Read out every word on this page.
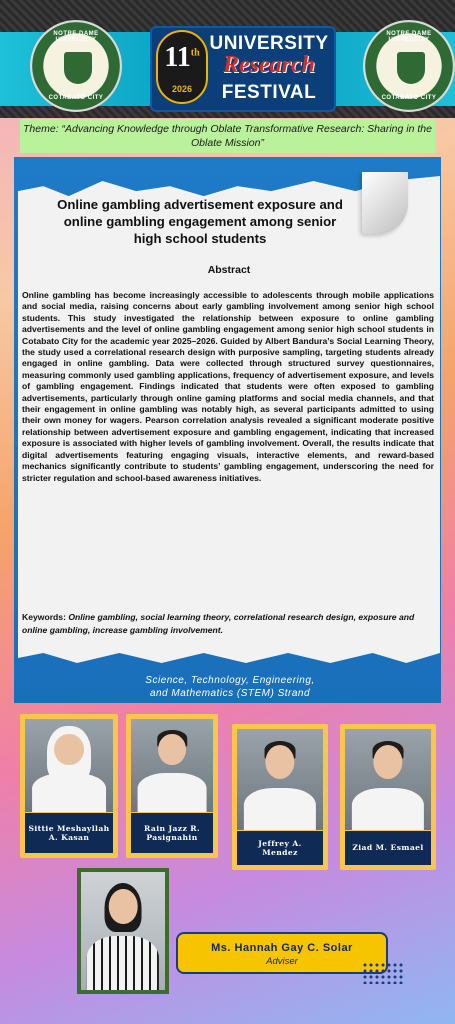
NOTRE DAME UNIVERSITY
COTABATO CITY
NOTRE DAME UNIVERSITY
COTABATO CITY
11th
2026
UNIVERSITY
Research
FESTIVAL
Theme: “Advancing Knowledge through Oblate Transformative Research: Sharing in the Oblate Mission”
Online gambling advertisement exposure and online gambling engagement among senior high school students
Abstract
Online gambling has become increasingly accessible to adolescents through mobile applications and social media, raising concerns about early gambling involvement among senior high school students. This study investigated the relationship between exposure to online gambling advertisements and the level of online gambling engagement among senior high school students in Cotabato City for the academic year 2025–2026. Guided by Albert Bandura’s Social Learning Theory, the study used a correlational research design with purposive sampling, targeting students already engaged in online gambling. Data were collected through structured survey questionnaires, measuring commonly used gambling applications, frequency of advertisement exposure, and levels of gambling engagement. Findings indicated that students were often exposed to gambling advertisements, particularly through online gaming platforms and social media channels, and that their engagement in online gambling was notably high, as several participants admitted to using their own money for wagers. Pearson correlation analysis revealed a significant moderate positive relationship between advertisement exposure and gambling engagement, indicating that increased exposure is associated with higher levels of gambling involvement. Overall, the results indicate that digital advertisements featuring engaging visuals, interactive elements, and reward-based mechanics significantly contribute to students’ gambling engagement, underscoring the need for stricter regulation and school-based awareness initiatives.
Keywords: Online gambling, social learning theory, correlational research design, exposure and online gambling, increase gambling involvement.
Science, Technology, Engineering,
and Mathematics (STEM) Strand
Sittie Meshayllah A. Kasan
Rain Jazz R. Pasignahin
Jeffrey A. Mendez
Ziad M. Esmael
Ms. Hannah Gay C. Solar
Adviser
